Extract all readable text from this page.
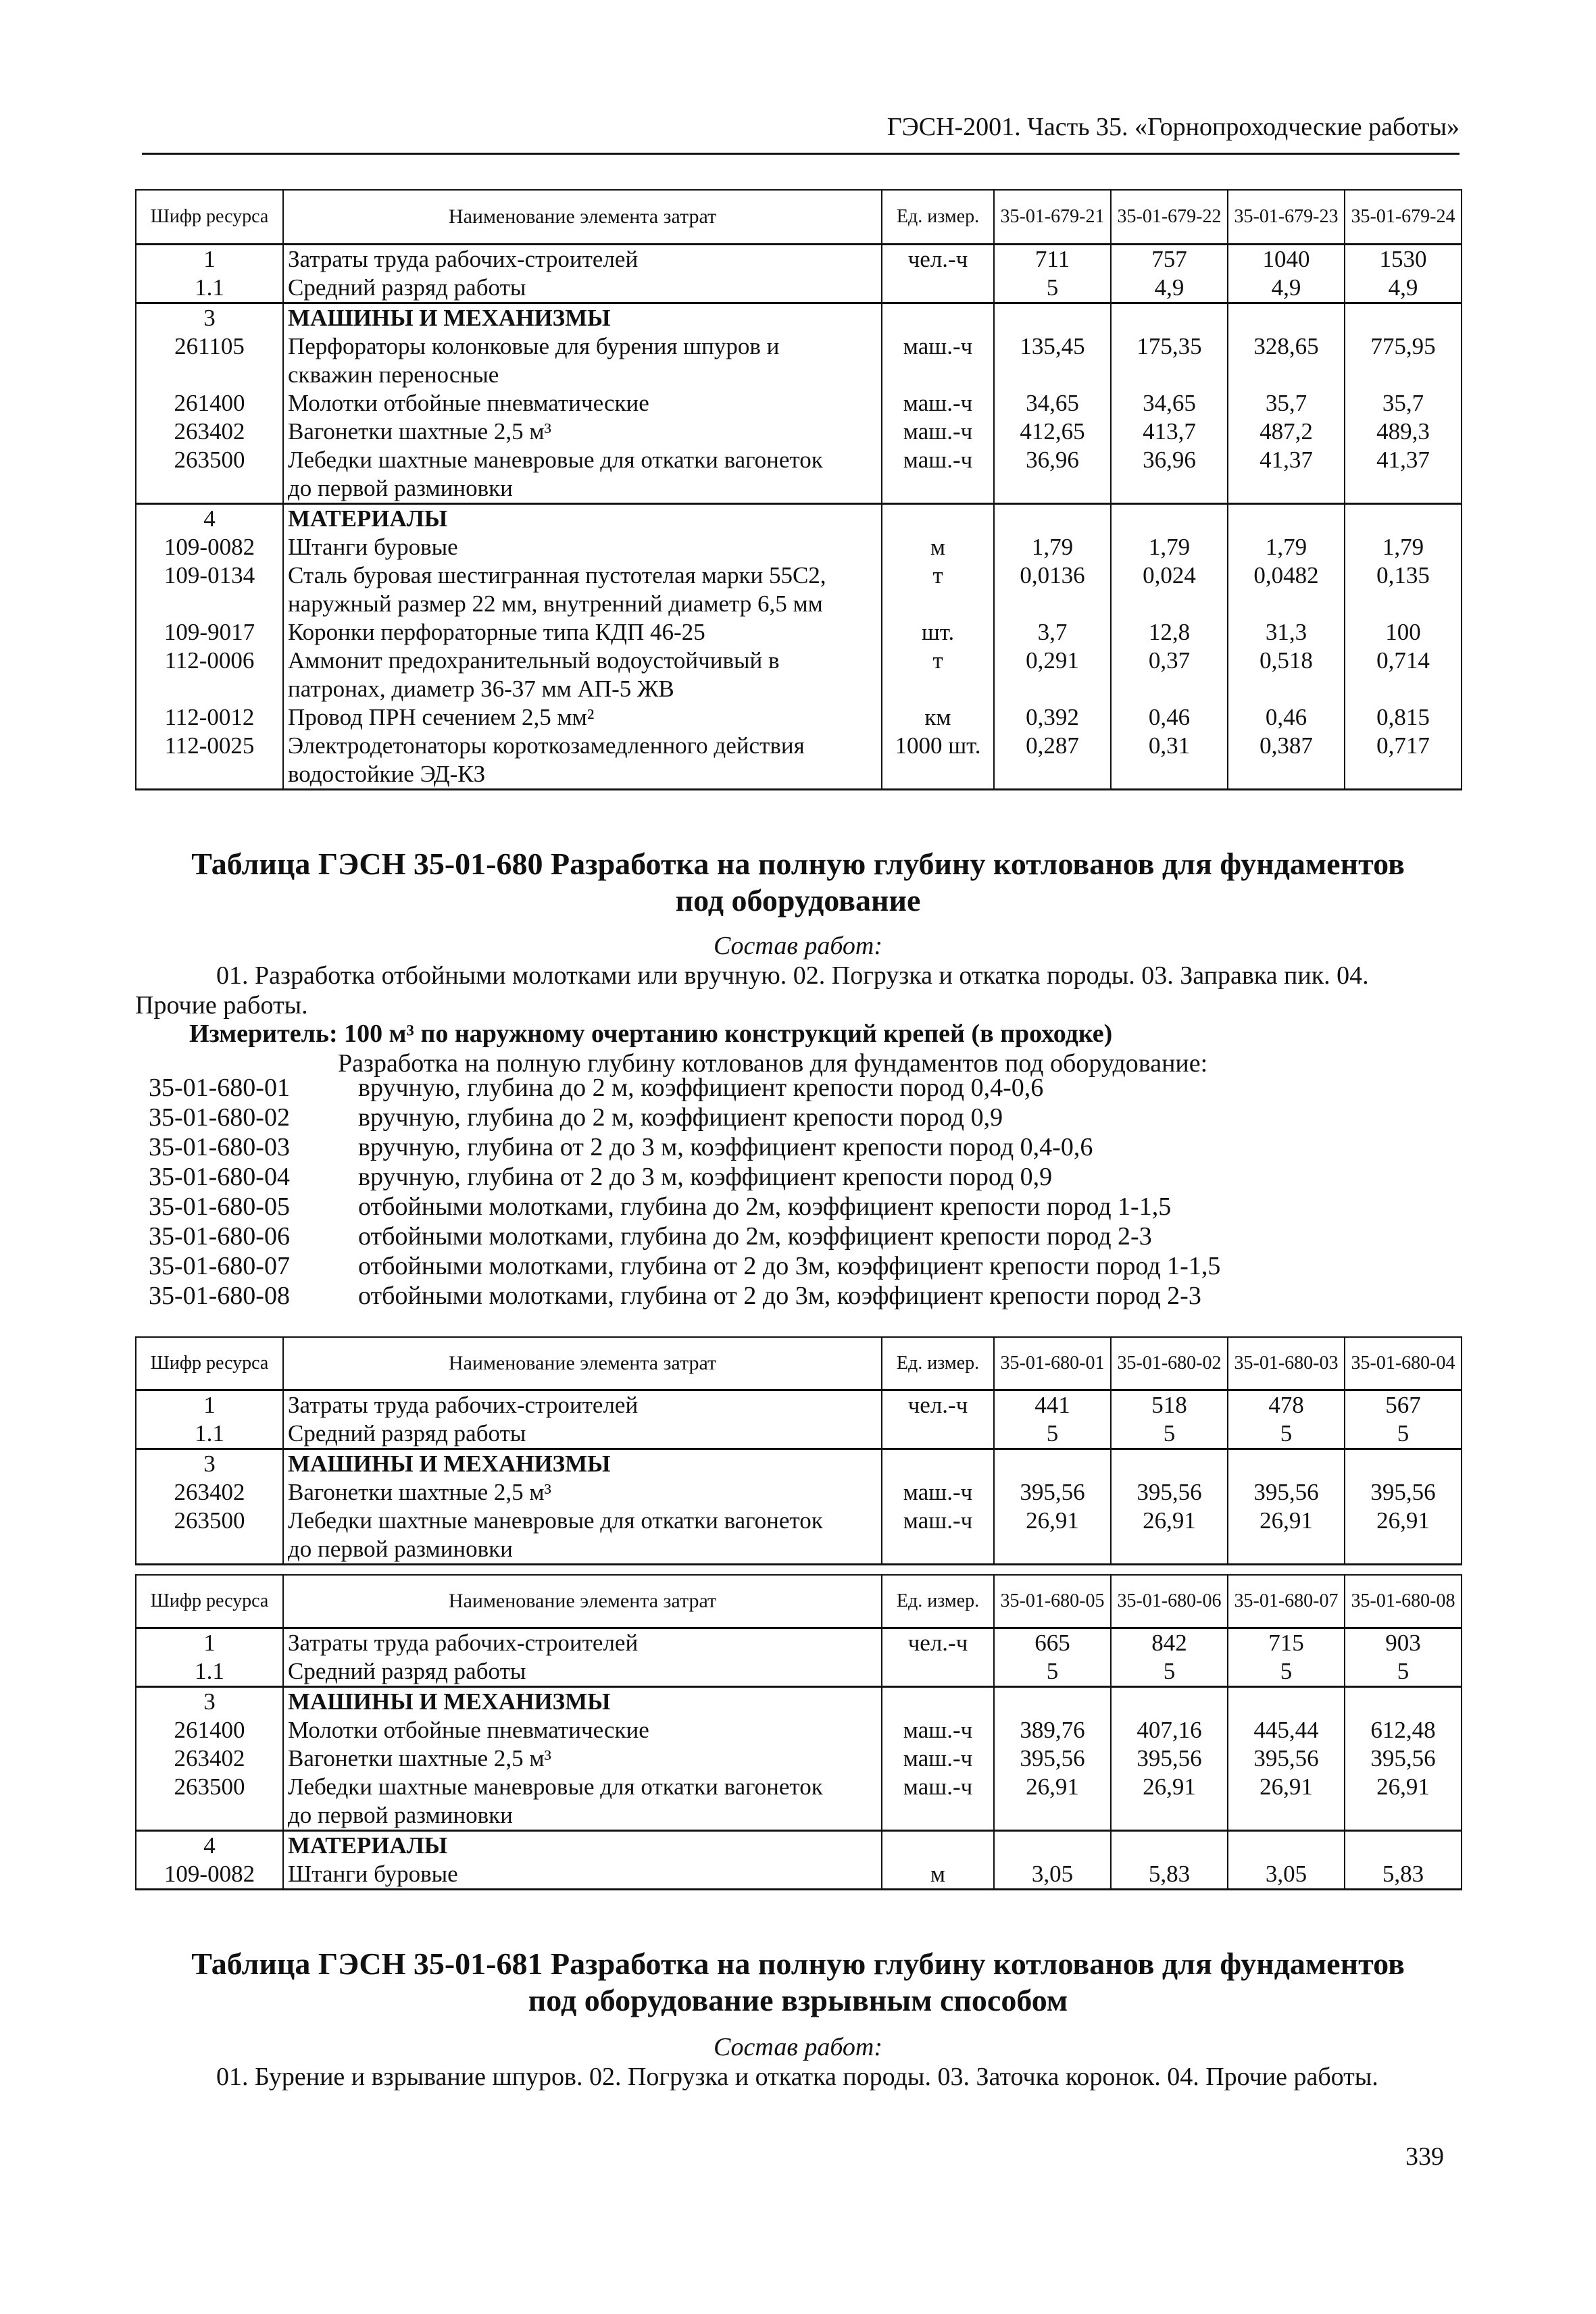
ГЭСН-2001. Часть 35. «Горнопроходческие работы»
Шифр ресурса	Наименование элемента затрат	Ед. измер.	35-01-679-21	35-01-679-22	35-01-679-23	35-01-679-24
1	Затраты труда рабочих-строителей	чел.-ч	711	757	1040	1530
1.1	Средний разряд работы		5	4,9	4,9	4,9
3	МАШИНЫ И МЕХАНИЗМЫ					
261105	Перфораторы колонковые для бурения шпуров и	маш.-ч	135,45	175,35	328,65	775,95
	скважин переносные					
261400	Молотки отбойные пневматические	маш.-ч	34,65	34,65	35,7	35,7
263402	Вагонетки шахтные 2,5 м³	маш.-ч	412,65	413,7	487,2	489,3
263500	Лебедки шахтные маневровые для откатки вагонеток	маш.-ч	36,96	36,96	41,37	41,37
	до первой разминовки					
4	МАТЕРИАЛЫ					
109-0082	Штанги буровые	м	1,79	1,79	1,79	1,79
109-0134	Сталь буровая шестигранная пустотелая марки 55С2,	т	0,0136	0,024	0,0482	0,135
	наружный размер 22 мм, внутренний диаметр 6,5 мм					
109-9017	Коронки перфораторные типа КДП 46-25	шт.	3,7	12,8	31,3	100
112-0006	Аммонит предохранительный водоустойчивый в	т	0,291	0,37	0,518	0,714
	патронах, диаметр 36-37 мм АП-5 ЖВ					
112-0012	Провод ПРН сечением 2,5 мм²	км	0,392	0,46	0,46	0,815
112-0025	Электродетонаторы короткозамедленного действия	1000 шт.	0,287	0,31	0,387	0,717
	водостойкие ЭД-КЗ					
Таблица ГЭСН 35-01-680 Разработка на полную глубину котлованов для фундаментов
под оборудование
Состав работ:
01. Разработка отбойными молотками или вручную. 02. Погрузка и откатка породы. 03. Заправка пик. 04.
Прочие работы.
Измеритель: 100 м³ по наружному очертанию конструкций крепей (в проходке)
Разработка на полную глубину котлованов для фундаментов под оборудование:
35-01-680-01	вручную, глубина до 2 м, коэффициент крепости пород 0,4-0,6
35-01-680-02	вручную, глубина до 2 м, коэффициент крепости пород 0,9
35-01-680-03	вручную, глубина от 2 до 3 м, коэффициент крепости пород 0,4-0,6
35-01-680-04	вручную, глубина от 2 до 3 м, коэффициент крепости пород 0,9
35-01-680-05	отбойными молотками, глубина до 2м, коэффициент крепости пород 1-1,5
35-01-680-06	отбойными молотками, глубина до 2м, коэффициент крепости пород 2-3
35-01-680-07	отбойными молотками, глубина от 2 до 3м, коэффициент крепости пород 1-1,5
35-01-680-08	отбойными молотками, глубина от 2 до 3м, коэффициент крепости пород 2-3
Шифр ресурса	Наименование элемента затрат	Ед. измер.	35-01-680-01	35-01-680-02	35-01-680-03	35-01-680-04
1	Затраты труда рабочих-строителей	чел.-ч	441	518	478	567
1.1	Средний разряд работы		5	5	5	5
3	МАШИНЫ И МЕХАНИЗМЫ					
263402	Вагонетки шахтные 2,5 м³	маш.-ч	395,56	395,56	395,56	395,56
263500	Лебедки шахтные маневровые для откатки вагонеток	маш.-ч	26,91	26,91	26,91	26,91
	до первой разминовки					
Шифр ресурса	Наименование элемента затрат	Ед. измер.	35-01-680-05	35-01-680-06	35-01-680-07	35-01-680-08
1	Затраты труда рабочих-строителей	чел.-ч	665	842	715	903
1.1	Средний разряд работы		5	5	5	5
3	МАШИНЫ И МЕХАНИЗМЫ					
261400	Молотки отбойные пневматические	маш.-ч	389,76	407,16	445,44	612,48
263402	Вагонетки шахтные 2,5 м³	маш.-ч	395,56	395,56	395,56	395,56
263500	Лебедки шахтные маневровые для откатки вагонеток	маш.-ч	26,91	26,91	26,91	26,91
	до первой разминовки					
4	МАТЕРИАЛЫ					
109-0082	Штанги буровые	м	3,05	5,83	3,05	5,83
Таблица ГЭСН 35-01-681 Разработка на полную глубину котлованов для фундаментов
под оборудование взрывным способом
Состав работ:
01. Бурение и взрывание шпуров. 02. Погрузка и откатка породы. 03. Заточка коронок. 04. Прочие работы.
339
